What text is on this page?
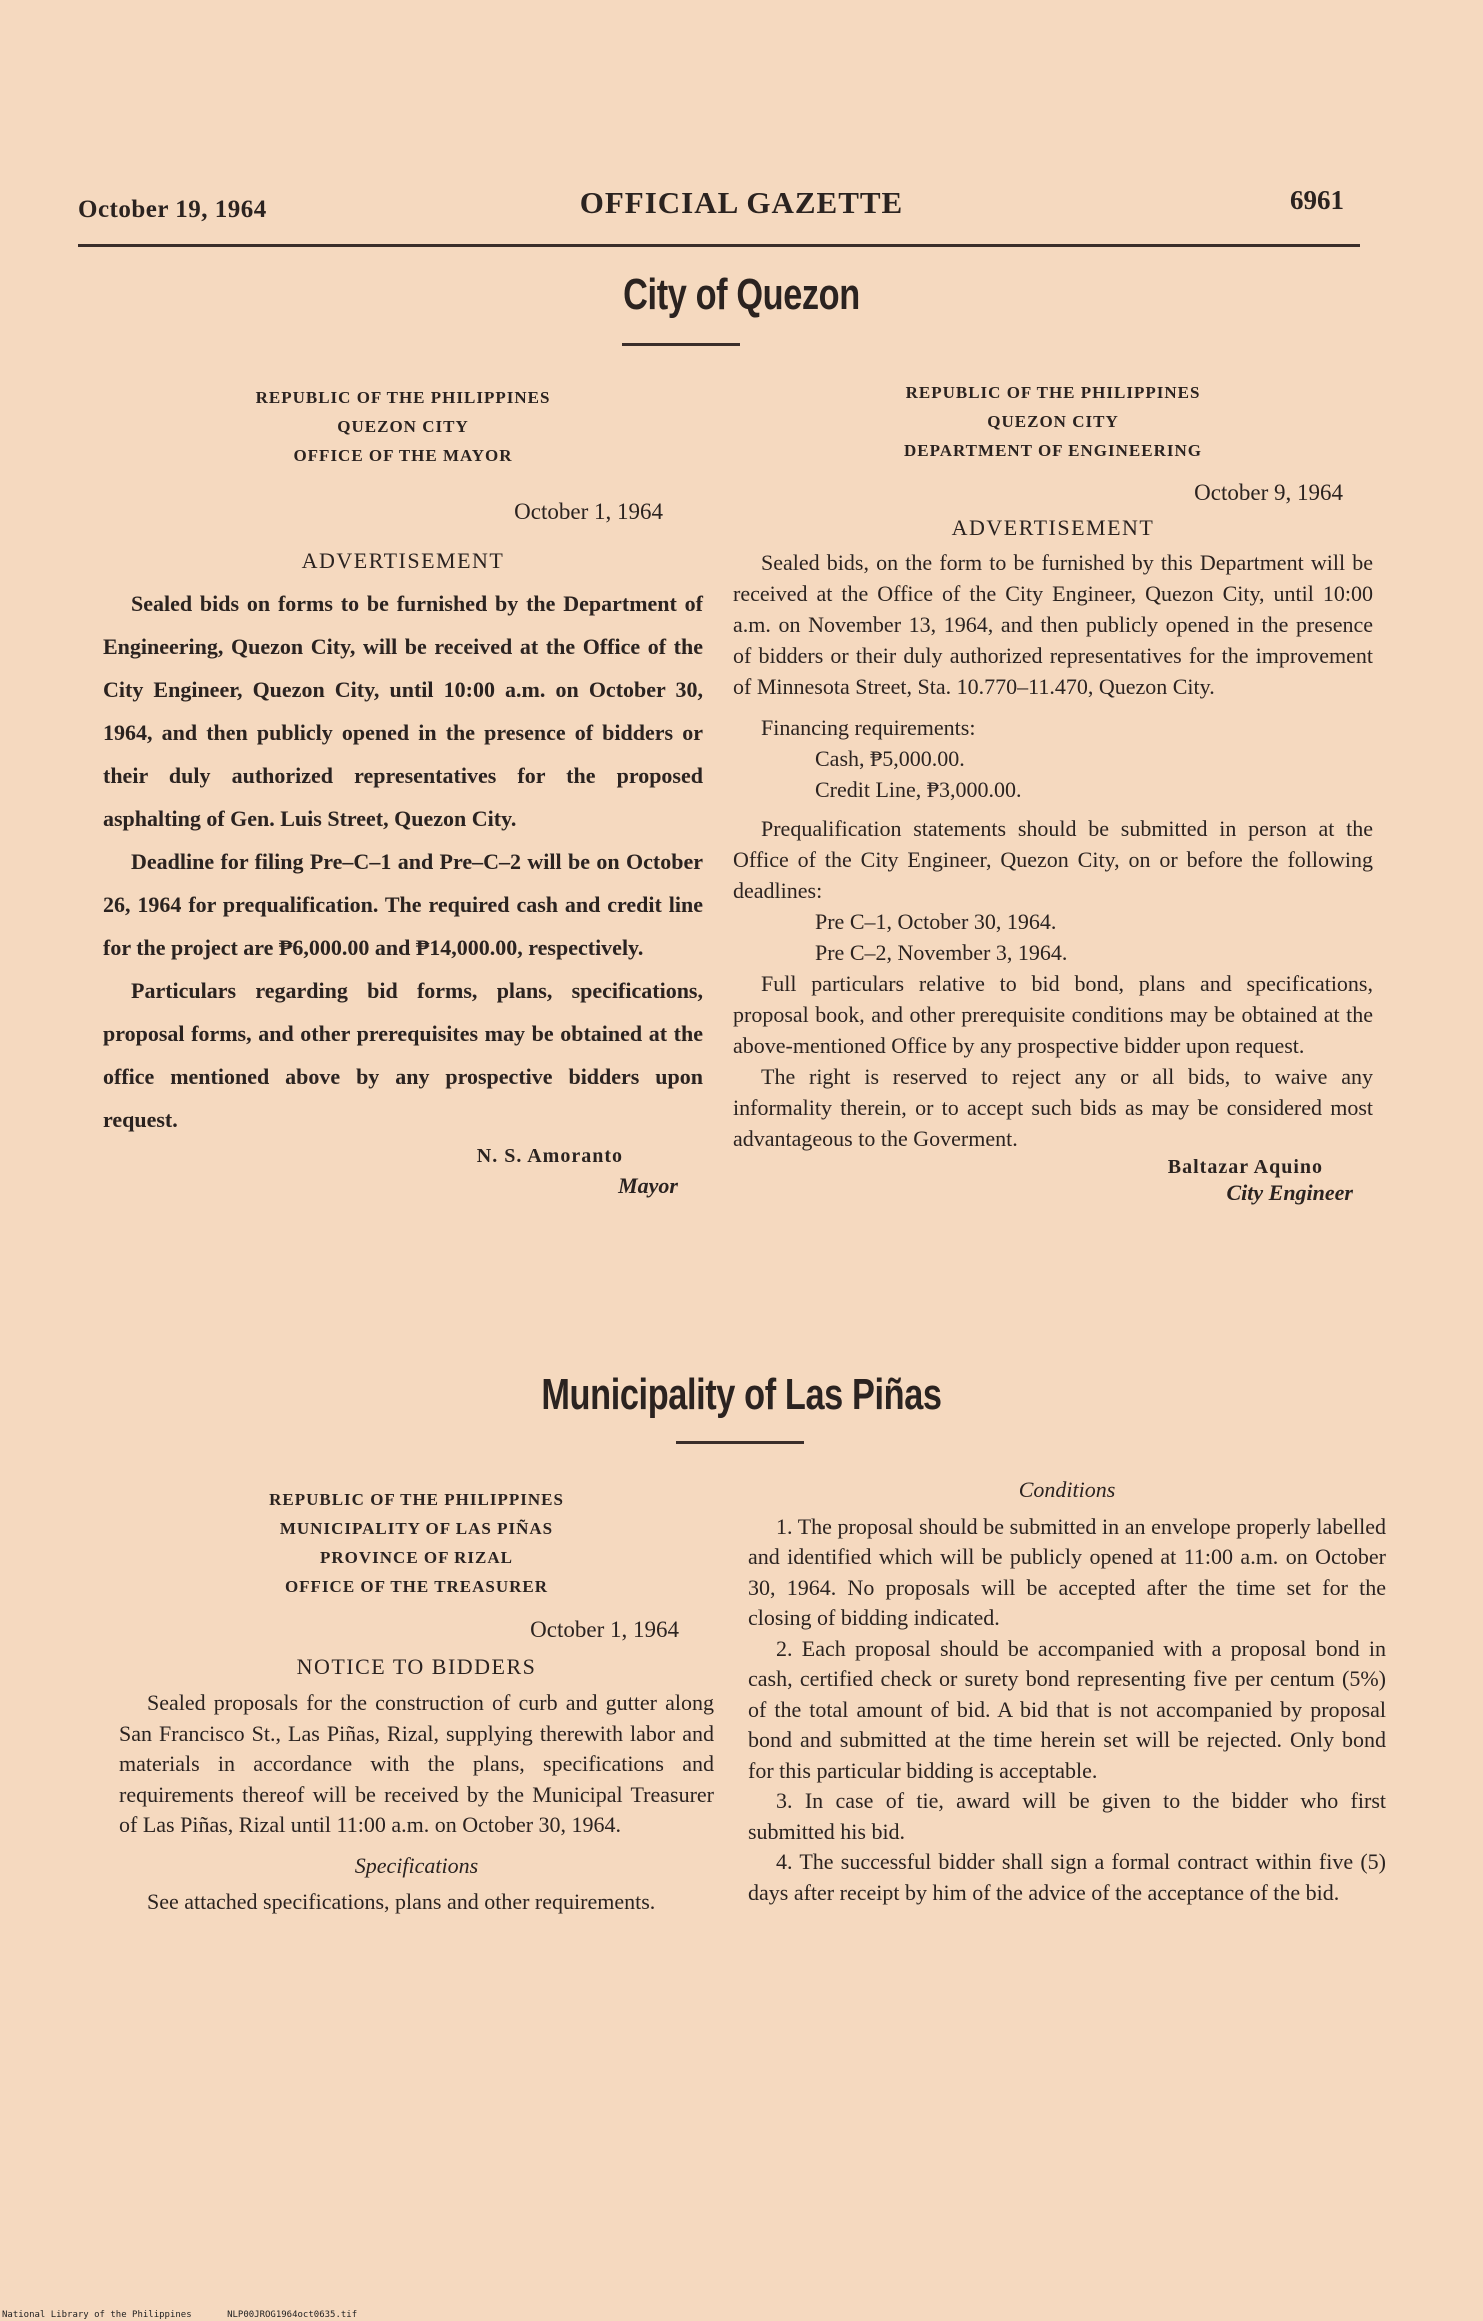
October 19, 1964	OFFICIAL GAZETTE	6961
City of Quezon
REPUBLIC OF THE PHILIPPINES
QUEZON CITY
OFFICE OF THE MAYOR
October 1, 1964
ADVERTISEMENT

Sealed bids on forms to be furnished by the Department of Engineering, Quezon City, will be received at the Office of the City Engineer, Quezon City, until 10:00 a.m. on October 30, 1964, and then publicly opened in the presence of bidders or their duly authorized representatives for the proposed asphalting of Gen. Luis Street, Quezon City.

Deadline for filing Pre–C–1 and Pre–C–2 will be on October 26, 1964 for prequalification. The required cash and credit line for the project are ₱6,000.00 and ₱14,000.00, respectively.

Particulars regarding bid forms, plans, specifications, proposal forms, and other prerequisites may be obtained at the office mentioned above by any prospective bidders upon request.

N. S. Amoranto
Mayor
REPUBLIC OF THE PHILIPPINES
QUEZON CITY
DEPARTMENT OF ENGINEERING
October 9, 1964
ADVERTISEMENT

Sealed bids, on the form to be furnished by this Department will be received at the Office of the City Engineer, Quezon City, until 10:00 a.m. on November 13, 1964, and then publicly opened in the presence of bidders or their duly authorized representatives for the improvement of Minnesota Street, Sta. 10.770–11.470, Quezon City.

Financing requirements:
Cash, ₱5,000.00.
Credit Line, ₱3,000.00.

Prequalification statements should be submitted in person at the Office of the City Engineer, Quezon City, on or before the following deadlines:

Pre C–1, October 30, 1964.
Pre C–2, November 3, 1964.

Full particulars relative to bid bond, plans and specifications, proposal book, and other prerequisite conditions may be obtained at the above-mentioned Office by any prospective bidder upon request.

The right is reserved to reject any or all bids, to waive any informality therein, or to accept such bids as may be considered most advantageous to the Goverment.

Baltazar Aquino
City Engineer
Municipality of Las Piñas
REPUBLIC OF THE PHILIPPINES
MUNICIPALITY OF LAS PIÑAS
PROVINCE OF RIZAL
OFFICE OF THE TREASURER
October 1, 1964
NOTICE TO BIDDERS

Sealed proposals for the construction of curb and gutter along San Francisco St., Las Piñas, Rizal, supplying therewith labor and materials in accordance with the plans, specifications and requirements thereof will be received by the Municipal Treasurer of Las Piñas, Rizal until 11:00 a.m. on October 30, 1964.

Specifications

See attached specifications, plans and other requirements.

Conditions

1. The proposal should be submitted in an envelope properly labelled and identified which will be publicly opened at 11:00 a.m. on October 30, 1964. No proposals will be accepted after the time set for the closing of bidding indicated.

2. Each proposal should be accompanied with a proposal bond in cash, certified check or surety bond representing five per centum (5%) of the total amount of bid. A bid that is not accompanied by proposal bond and submitted at the time herein set will be rejected. Only bond for this particular bidding is acceptable.

3. In case of tie, award will be given to the bidder who first submitted his bid.

4. The successful bidder shall sign a formal contract within five (5) days after receipt by him of the advice of the acceptance of the bid.

National Library of the Philippines	NLP00JROG1964oct0635.tif
